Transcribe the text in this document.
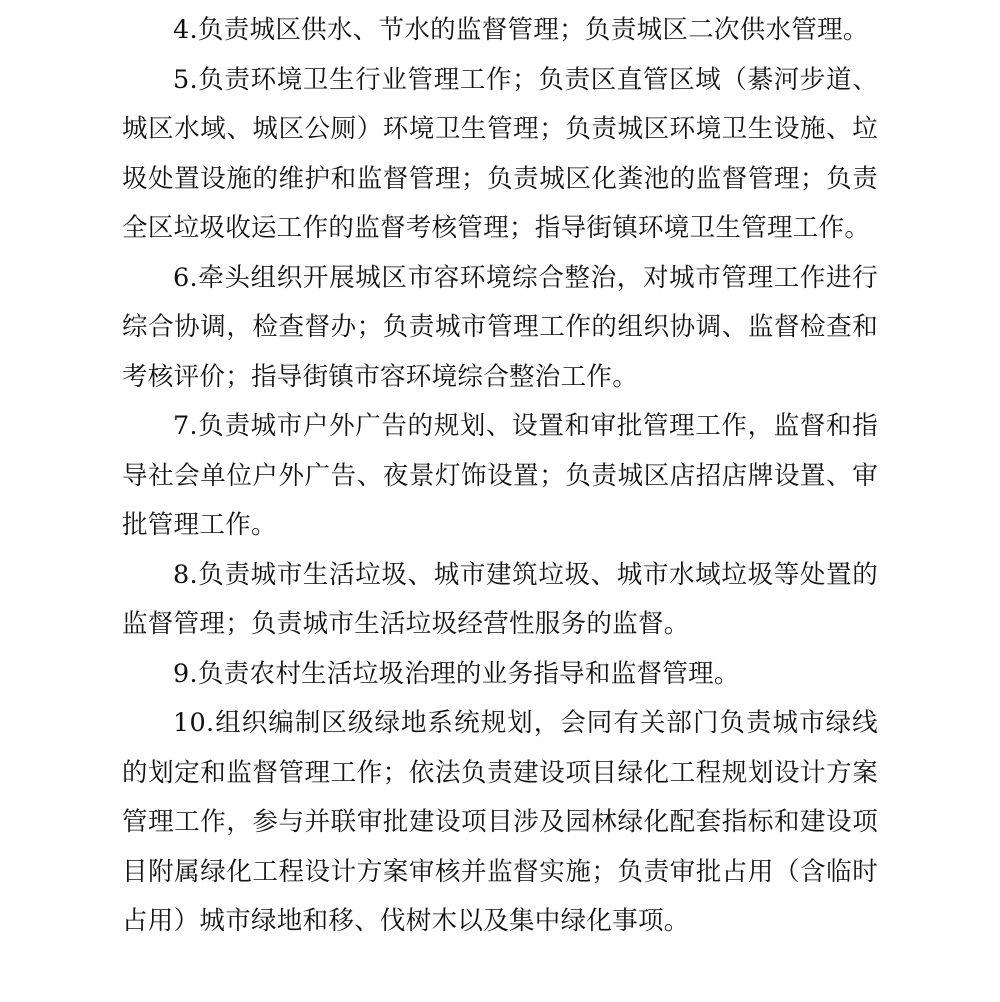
4.负责城区供水、节水的监督管理；负责城区二次供水管理。

5.负责环境卫生行业管理工作；负责区直管区域（綦河步道、城区水域、城区公厕）环境卫生管理；负责城区环境卫生设施、垃圾处置设施的维护和监督管理；负责城区化粪池的监督管理；负责全区垃圾收运工作的监督考核管理；指导街镇环境卫生管理工作。

6.牵头组织开展城区市容环境综合整治，对城市管理工作进行综合协调，检查督办；负责城市管理工作的组织协调、监督检查和考核评价；指导街镇市容环境综合整治工作。

7.负责城市户外广告的规划、设置和审批管理工作，监督和指导社会单位户外广告、夜景灯饰设置；负责城区店招店牌设置、审批管理工作。

8.负责城市生活垃圾、城市建筑垃圾、城市水域垃圾等处置的监督管理；负责城市生活垃圾经营性服务的监督。

9.负责农村生活垃圾治理的业务指导和监督管理。

10.组织编制区级绿地系统规划，会同有关部门负责城市绿线的划定和监督管理工作；依法负责建设项目绿化工程规划设计方案管理工作，参与并联审批建设项目涉及园林绿化配套指标和建设项目附属绿化工程设计方案审核并监督实施；负责审批占用（含临时占用）城市绿地和移、伐树木以及集中绿化事项。
